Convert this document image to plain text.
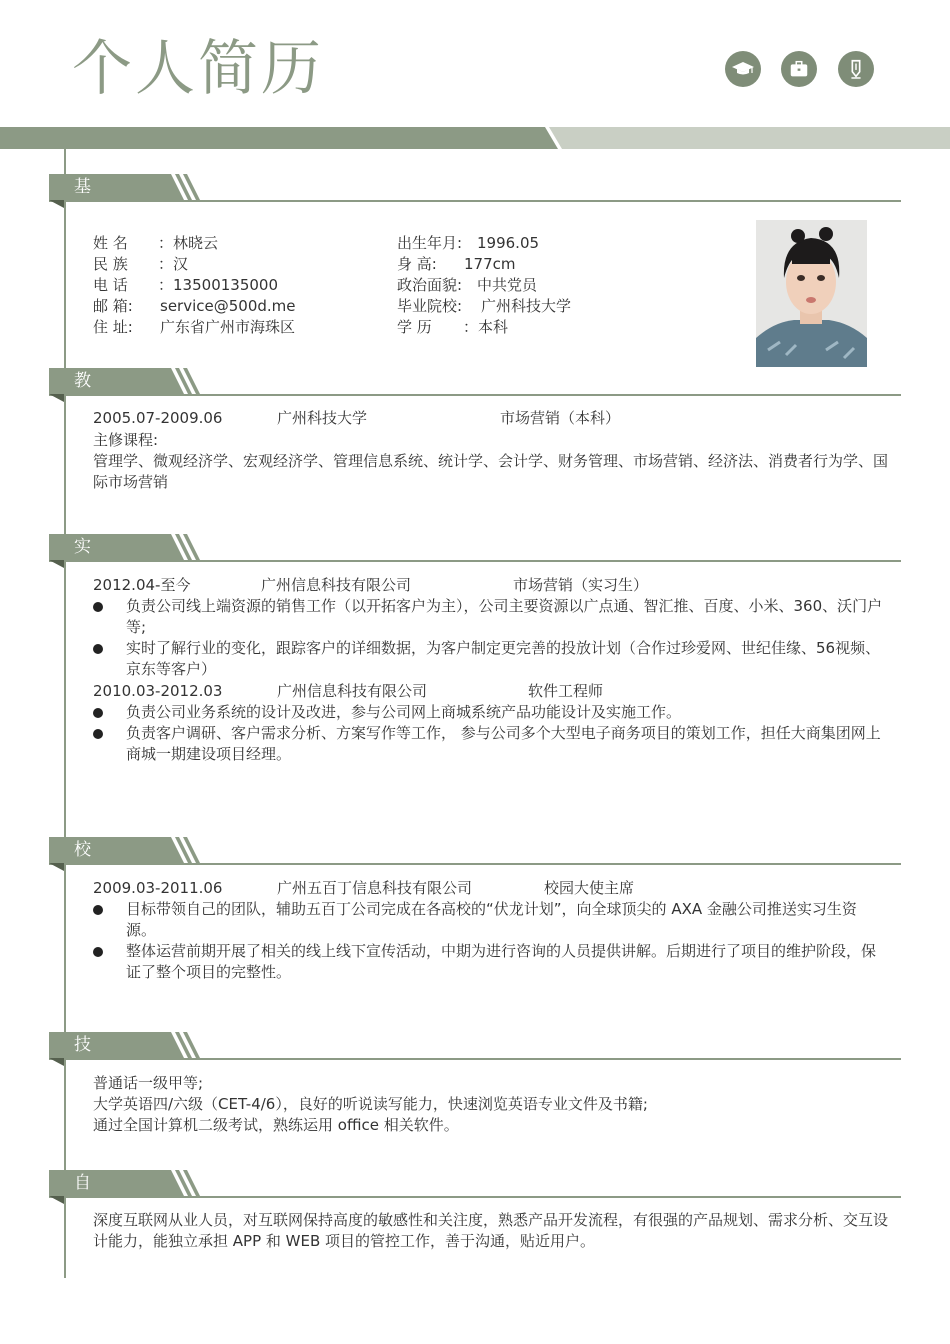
个人简历
基本信息
姓 名 ：林晓云
民 族 ：汉
电 话 ：13500135000
邮 箱: service@500d.me
住 址: 广东省广州市海珠区
出生年月: 1996.05
身 高: 177cm
政治面貌: 中共党员
毕业院校: 广州科技大学
学 历 ：本科
教育背景
2005.07-2009.06	广州科技大学	市场营销（本科）
主修课程:
管理学、微观经济学、宏观经济学、管理信息系统、统计学、会计学、财务管理、市场营销、经济法、消费者行为学、国际市场营销
实习经历
2012.04-至今	广州信息科技有限公司	市场营销（实习生）
负责公司线上端资源的销售工作（以开拓客户为主），公司主要资源以广点通、智汇推、百度、小米、360、沃门户等;
实时了解行业的变化，跟踪客户的详细数据，为客户制定更完善的投放计划（合作过珍爱网、世纪佳缘、56视频、京东等客户）
2010.03-2012.03	广州信息科技有限公司	软件工程师
负责公司业务系统的设计及改进，参与公司网上商城系统产品功能设计及实施工作。
负责客户调研、客户需求分析、方案写作等工作， 参与公司多个大型电子商务项目的策划工作，担任大商集团网上商城一期建设项目经理。
校园经历
2009.03-2011.06	广州五百丁信息科技有限公司	校园大使主席
目标带领自己的团队，辅助五百丁公司完成在各高校的“伏龙计划”，向全球顶尖的 AXA 金融公司推送实习生资源。
整体运营前期开展了相关的线上线下宣传活动，中期为进行咨询的人员提供讲解。后期进行了项目的维护阶段，保证了整个项目的完整性。
技能证书
普通话一级甲等;
大学英语四/六级（CET-4/6），良好的听说读写能力，快速浏览英语专业文件及书籍;
通过全国计算机二级考试，熟练运用 office 相关软件。
自我评价
深度互联网从业人员，对互联网保持高度的敏感性和关注度，熟悉产品开发流程，有很强的产品规划、需求分析、交互设计能力，能独立承担 APP 和 WEB 项目的管控工作，善于沟通，贴近用户。
